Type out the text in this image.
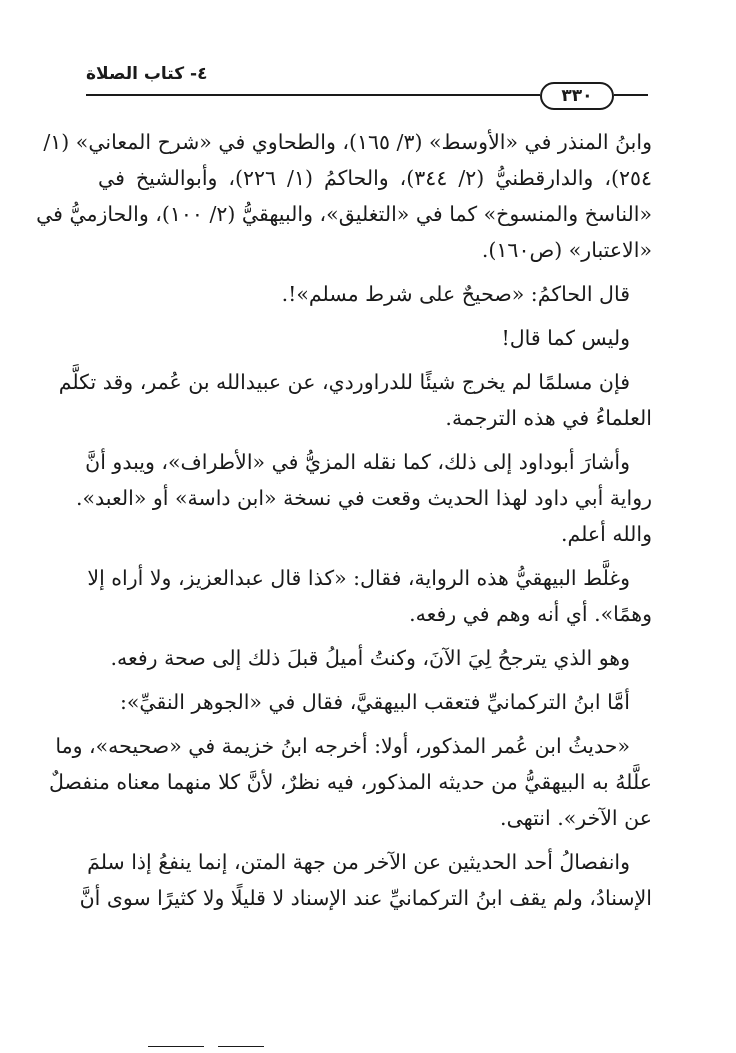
٤- كتاب الصلاة
٣٣٠
وابنُ المنذر في «الأوسط» (٣/ ١٦٥)، والطحاوي في «شرح المعاني» (١/
٢٥٤)، والدارقطنيُّ (٢/ ٣٤٤)، والحاكمُ (١/ ٢٢٦)، وأبوالشيخ في
«الناسخ والمنسوخ» كما في «التغليق»، والبيهقيُّ (٢/ ١٠٠)، والحازميُّ في
«الاعتبار» (ص١٦٠).
قال الحاكمُ: «صحيحٌ على شرط مسلم»!.
وليس كما قال!
فإن مسلمًا لم يخرج شيئًا للدراوردي، عن عبيدالله بن عُمر، وقد تكلَّم
العلماءُ في هذه الترجمة.
وأشارَ أبوداود إلى ذلك، كما نقله المزيُّ في «الأطراف»، ويبدو أنَّ
رواية أبي داود لهذا الحديث وقعت في نسخة «ابن داسة» أو «العبد».
والله أعلم.
وغلَّط البيهقيُّ هذه الرواية، فقال: «كذا قال عبدالعزيز، ولا أراه إلا
وهمًا». أي أنه وهم في رفعه.
وهو الذي يترجحُ لِيَ الآنَ، وكنتُ أميلُ قبلَ ذلك إلى صحة رفعه.
أمَّا ابنُ التركمانيِّ فتعقب البيهقيَّ، فقال في «الجوهر النقيِّ»:
«حديثُ ابن عُمر المذكور، أولا: أخرجه ابنُ خزيمة في «صحيحه»، وما
علَّلهُ به البيهقيُّ من حديثه المذكور، فيه نظرٌ، لأنَّ كلا منهما معناه منفصلٌ
عن الآخر». انتهى.
وانفصالُ أحد الحديثين عن الآخر من جهة المتن، إنما ينفعُ إذا سلمَ
الإسنادُ، ولم يقف ابنُ التركمانيِّ عند الإسناد لا قليلًا ولا كثيرًا سوى أنَّ
